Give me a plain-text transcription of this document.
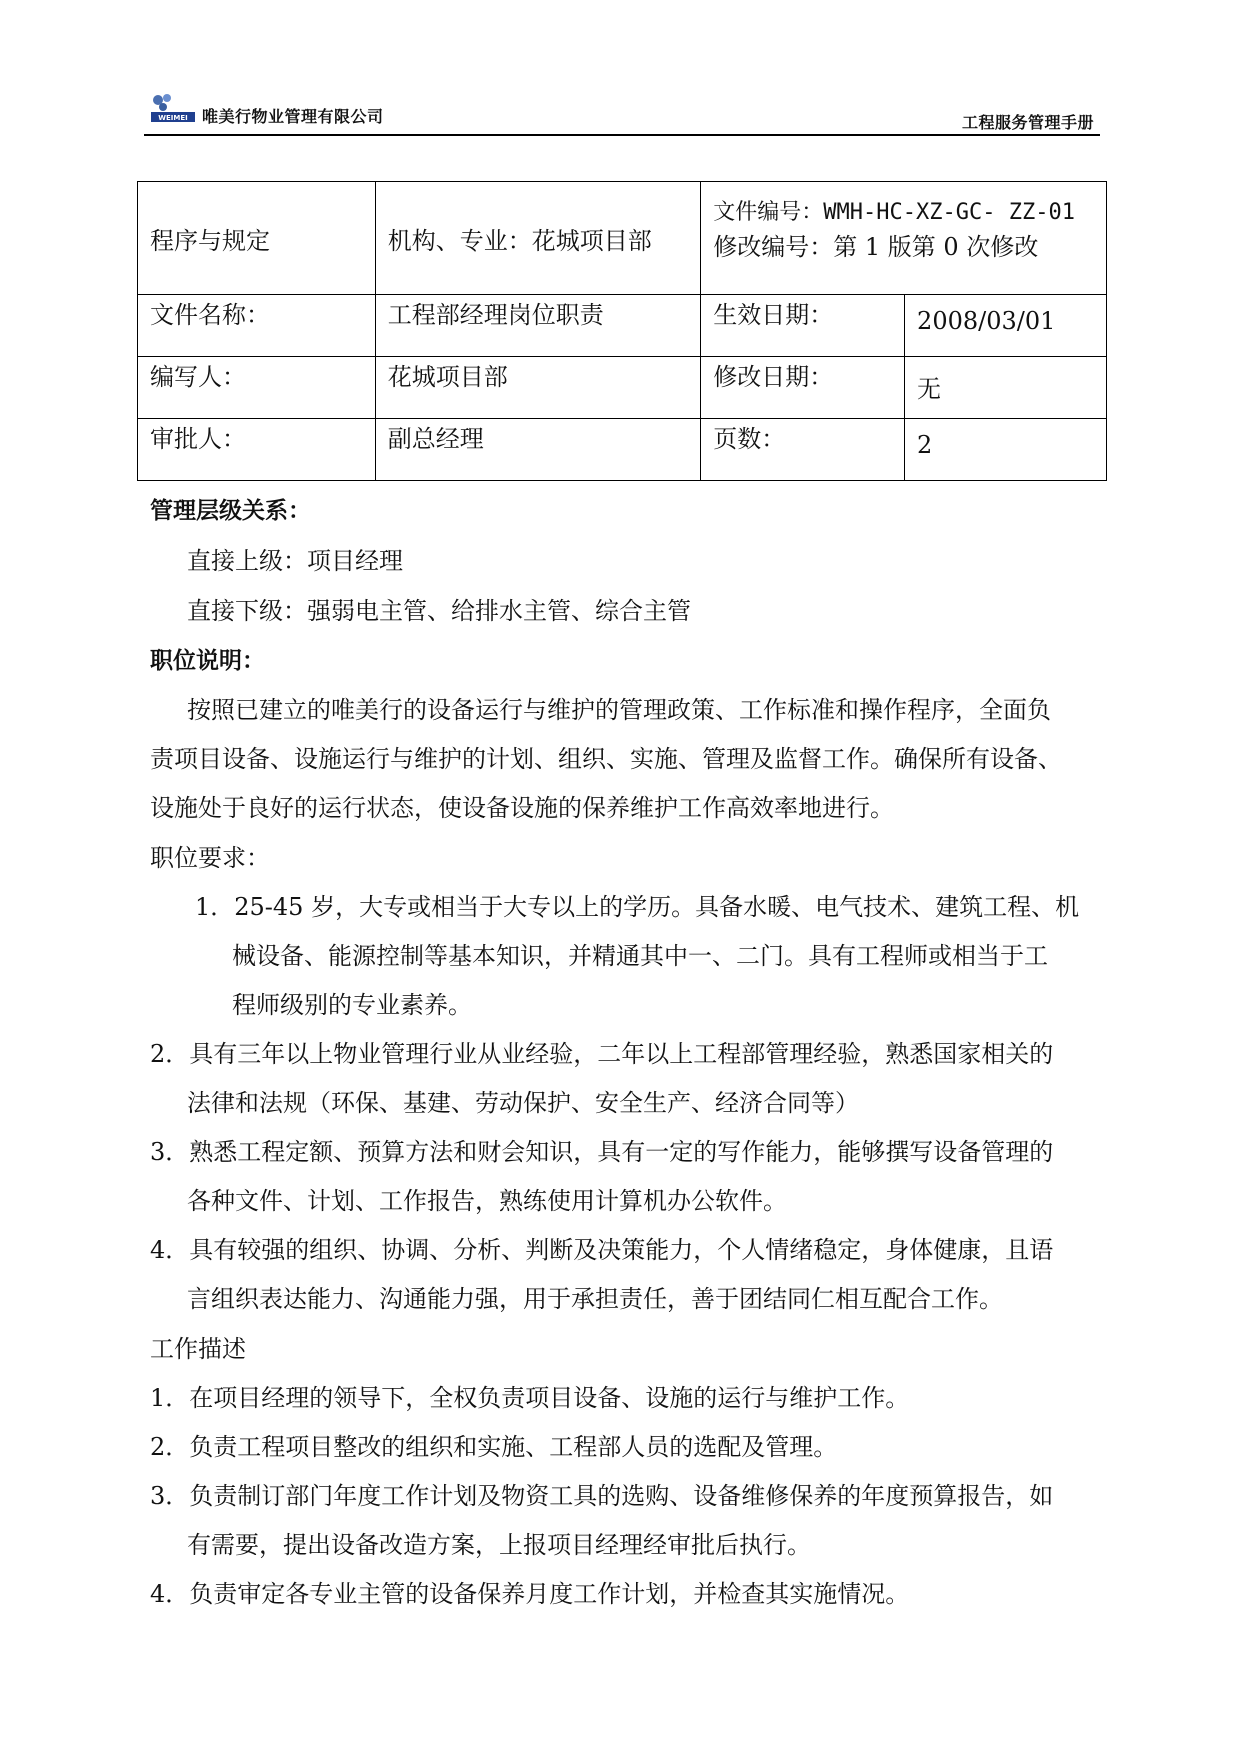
WEIMEI 唯美行物业管理有限公司	工程服务管理手册
程序与规定	机构、专业：花城项目部	文件编号：WMH-HC-XZ-GC- ZZ-01
修改编号：第 1 版第 0 次修改	

文件名称：	工程部经理岗位职责	生效日期：	2008/03/01
编写人：	花城项目部	修改日期：	无
审批人：	副总经理	页数：	2

管理层级关系：

直接上级：项目经理

直接下级：强弱电主管、给排水主管、综合主管

职位说明：

按照已建立的唯美行的设备运行与维护的管理政策、工作标准和操作程序，全面负
责项目设备、设施运行与维护的计划、组织、实施、管理及监督工作。确保所有设备、
设施处于良好的运行状态，使设备设施的保养维护工作高效率地进行。

职位要求：

1．25-45 岁，大专或相当于大专以上的学历。具备水暖、电气技术、建筑工程、机
械设备、能源控制等基本知识，并精通其中一、二门。具有工程师或相当于工
程师级别的专业素养。

2．具有三年以上物业管理行业从业经验，二年以上工程部管理经验，熟悉国家相关的
法律和法规（环保、基建、劳动保护、安全生产、经济合同等）

3．熟悉工程定额、预算方法和财会知识，具有一定的写作能力，能够撰写设备管理的
各种文件、计划、工作报告，熟练使用计算机办公软件。

4．具有较强的组织、协调、分析、判断及决策能力，个人情绪稳定，身体健康，且语
言组织表达能力、沟通能力强，用于承担责任，善于团结同仁相互配合工作。

工作描述

1．在项目经理的领导下，全权负责项目设备、设施的运行与维护工作。

2．负责工程项目整改的组织和实施、工程部人员的选配及管理。

3．负责制订部门年度工作计划及物资工具的选购、设备维修保养的年度预算报告，如
有需要，提出设备改造方案，上报项目经理经审批后执行。

4．负责审定各专业主管的设备保养月度工作计划，并检查其实施情况。
